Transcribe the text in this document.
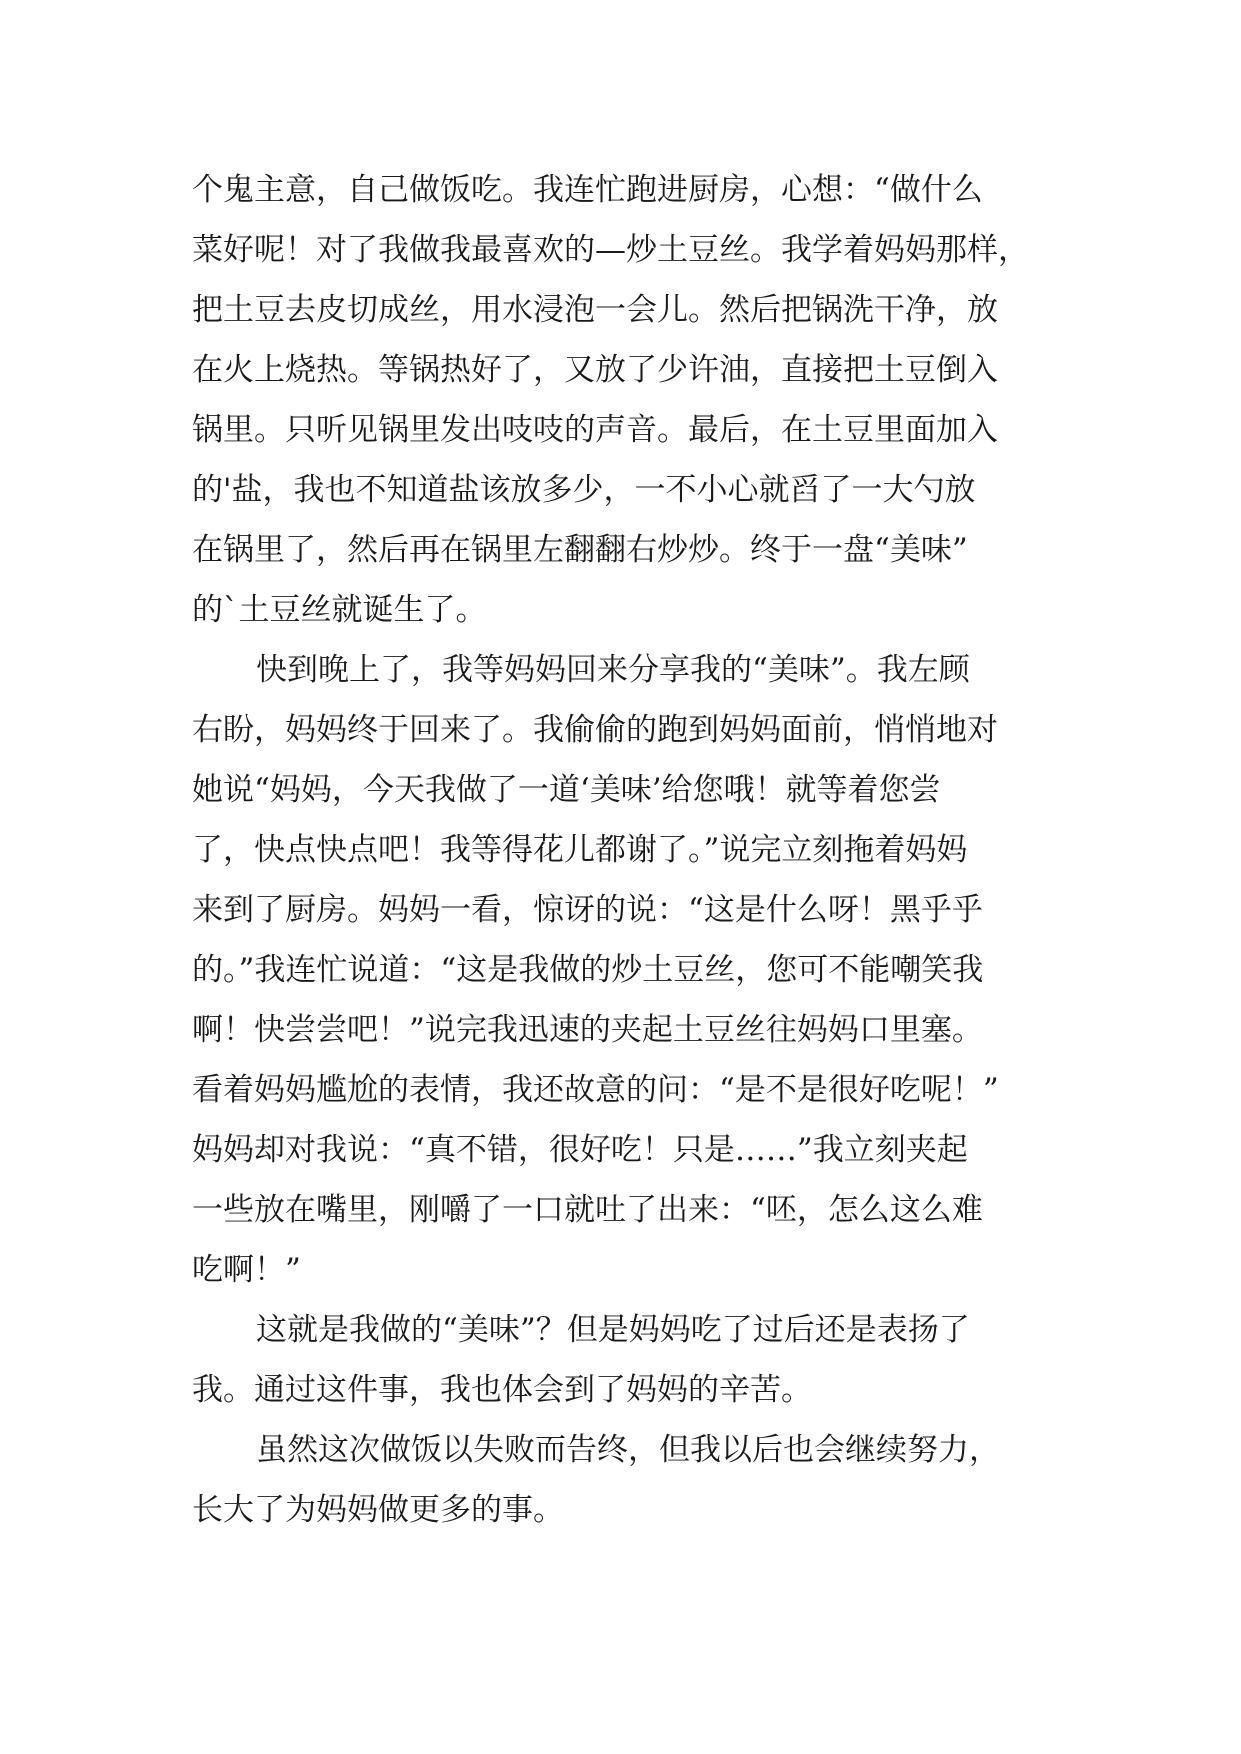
个鬼主意，自己做饭吃。我连忙跑进厨房，心想：“做什么
菜好呢！对了我做我最喜欢的—炒土豆丝。我学着妈妈那样，
把土豆去皮切成丝，用水浸泡一会儿。然后把锅洗干净，放
在火上烧热。等锅热好了，又放了少许油，直接把土豆倒入
锅里。只听见锅里发出吱吱的声音。最后，在土豆里面加入
的'盐，我也不知道盐该放多少，一不小心就舀了一大勺放
在锅里了，然后再在锅里左翻翻右炒炒。终于一盘“美味”
的`土豆丝就诞生了。
快到晚上了，我等妈妈回来分享我的“美味”。我左顾
右盼，妈妈终于回来了。我偷偷的跑到妈妈面前，悄悄地对
她说“妈妈，今天我做了一道‘美味’给您哦！就等着您尝
了，快点快点吧！我等得花儿都谢了。”说完立刻拖着妈妈
来到了厨房。妈妈一看，惊讶的说：“这是什么呀！黑乎乎
的。”我连忙说道：“这是我做的炒土豆丝，您可不能嘲笑我
啊！快尝尝吧！”说完我迅速的夹起土豆丝往妈妈口里塞。
看着妈妈尴尬的表情，我还故意的问：“是不是很好吃呢！”
妈妈却对我说：“真不错，很好吃！只是……”我立刻夹起
一些放在嘴里，刚嚼了一口就吐了出来：“呸，怎么这么难
吃啊！”
这就是我做的“美味”？但是妈妈吃了过后还是表扬了
我。通过这件事，我也体会到了妈妈的辛苦。
虽然这次做饭以失败而告终，但我以后也会继续努力，
长大了为妈妈做更多的事。
